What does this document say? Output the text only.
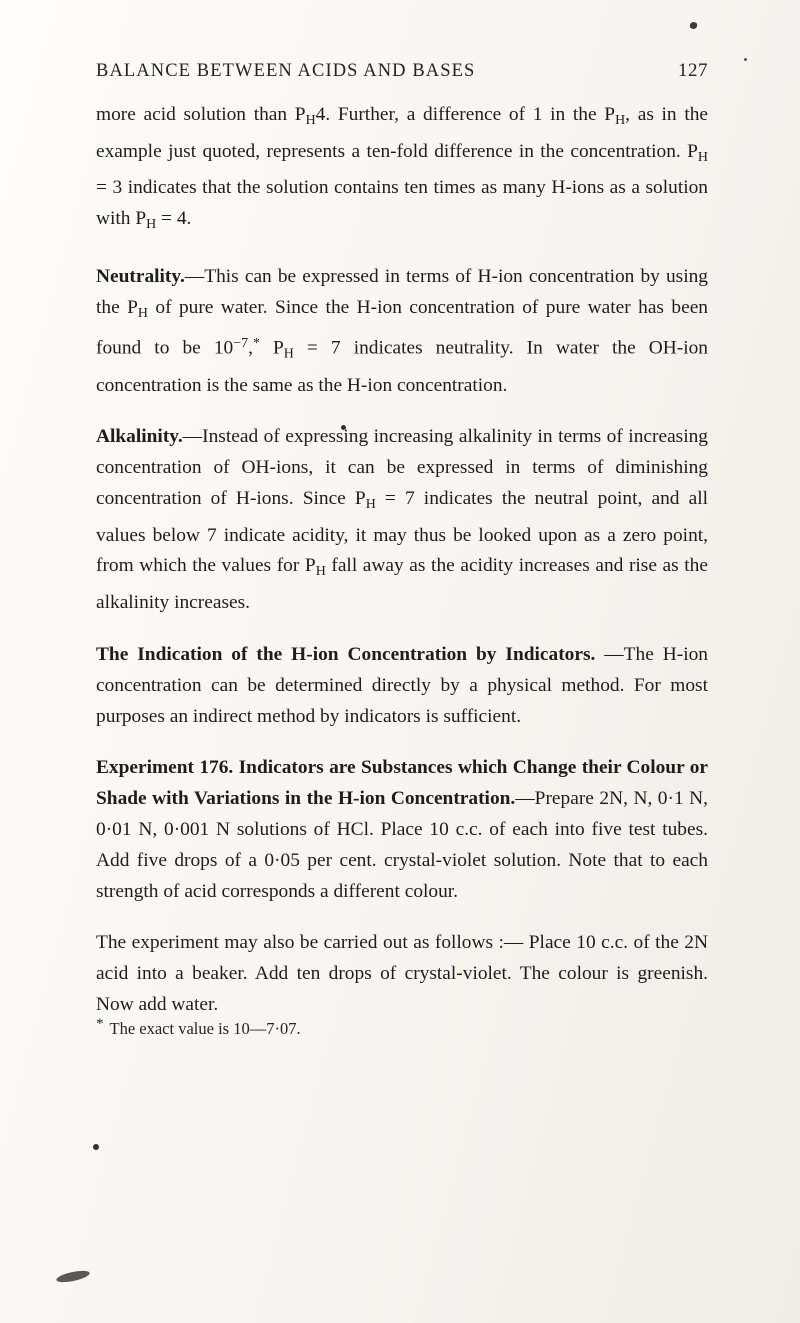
127
BALANCE BETWEEN ACIDS AND BASES

more acid solution than $P_H4$. Further, a difference of 1 in the $P_H$, as in the example just quoted, represents a ten-fold difference in the concentration. $P_H = 3$ indicates that the solution contains ten times as many H-ions as a solution with $P_H = 4$.

Neutrality.—This can be expressed in terms of H-ion concentration by using the $P_H$ of pure water. Since the H-ion concentration of pure water has been found to be $10^{-7},^*$ $P_H = 7$ indicates neutrality. In water the OH-ion concentration is the same as the H-ion concentration.

Alkalinity.—Instead of expressing increasing alkalinity in terms of increasing concentration of OH-ions, it can be expressed in terms of diminishing concentration of H-ions. Since $P_H = 7$ indicates the neutral point, and all values below 7 indicate acidity, it may thus be looked upon as a zero point, from which the values for $P_H$ fall away as the acidity increases and rise as the alkalinity increases.

The Indication of the H-ion Concentration by Indicators. —The H-ion concentration can be determined directly by a physical method. For most purposes an indirect method by indicators is sufficient.

Experiment 176. Indicators are Substances which Change their Colour or Shade with Variations in the H-ion Concentration.—Prepare 2N, N, 0·1 N, 0·01 N, 0·001 N solutions of HCl. Place 10 c.c. of each into five test tubes. Add five drops of a 0·05 per cent. crystal-violet solution. Note that to each strength of acid corresponds a different colour.

The experiment may also be carried out as follows :— Place 10 c.c. of the 2N acid into a beaker. Add ten drops of crystal-violet. The colour is greenish. Now add water.

* The exact value is 10—7·07.
